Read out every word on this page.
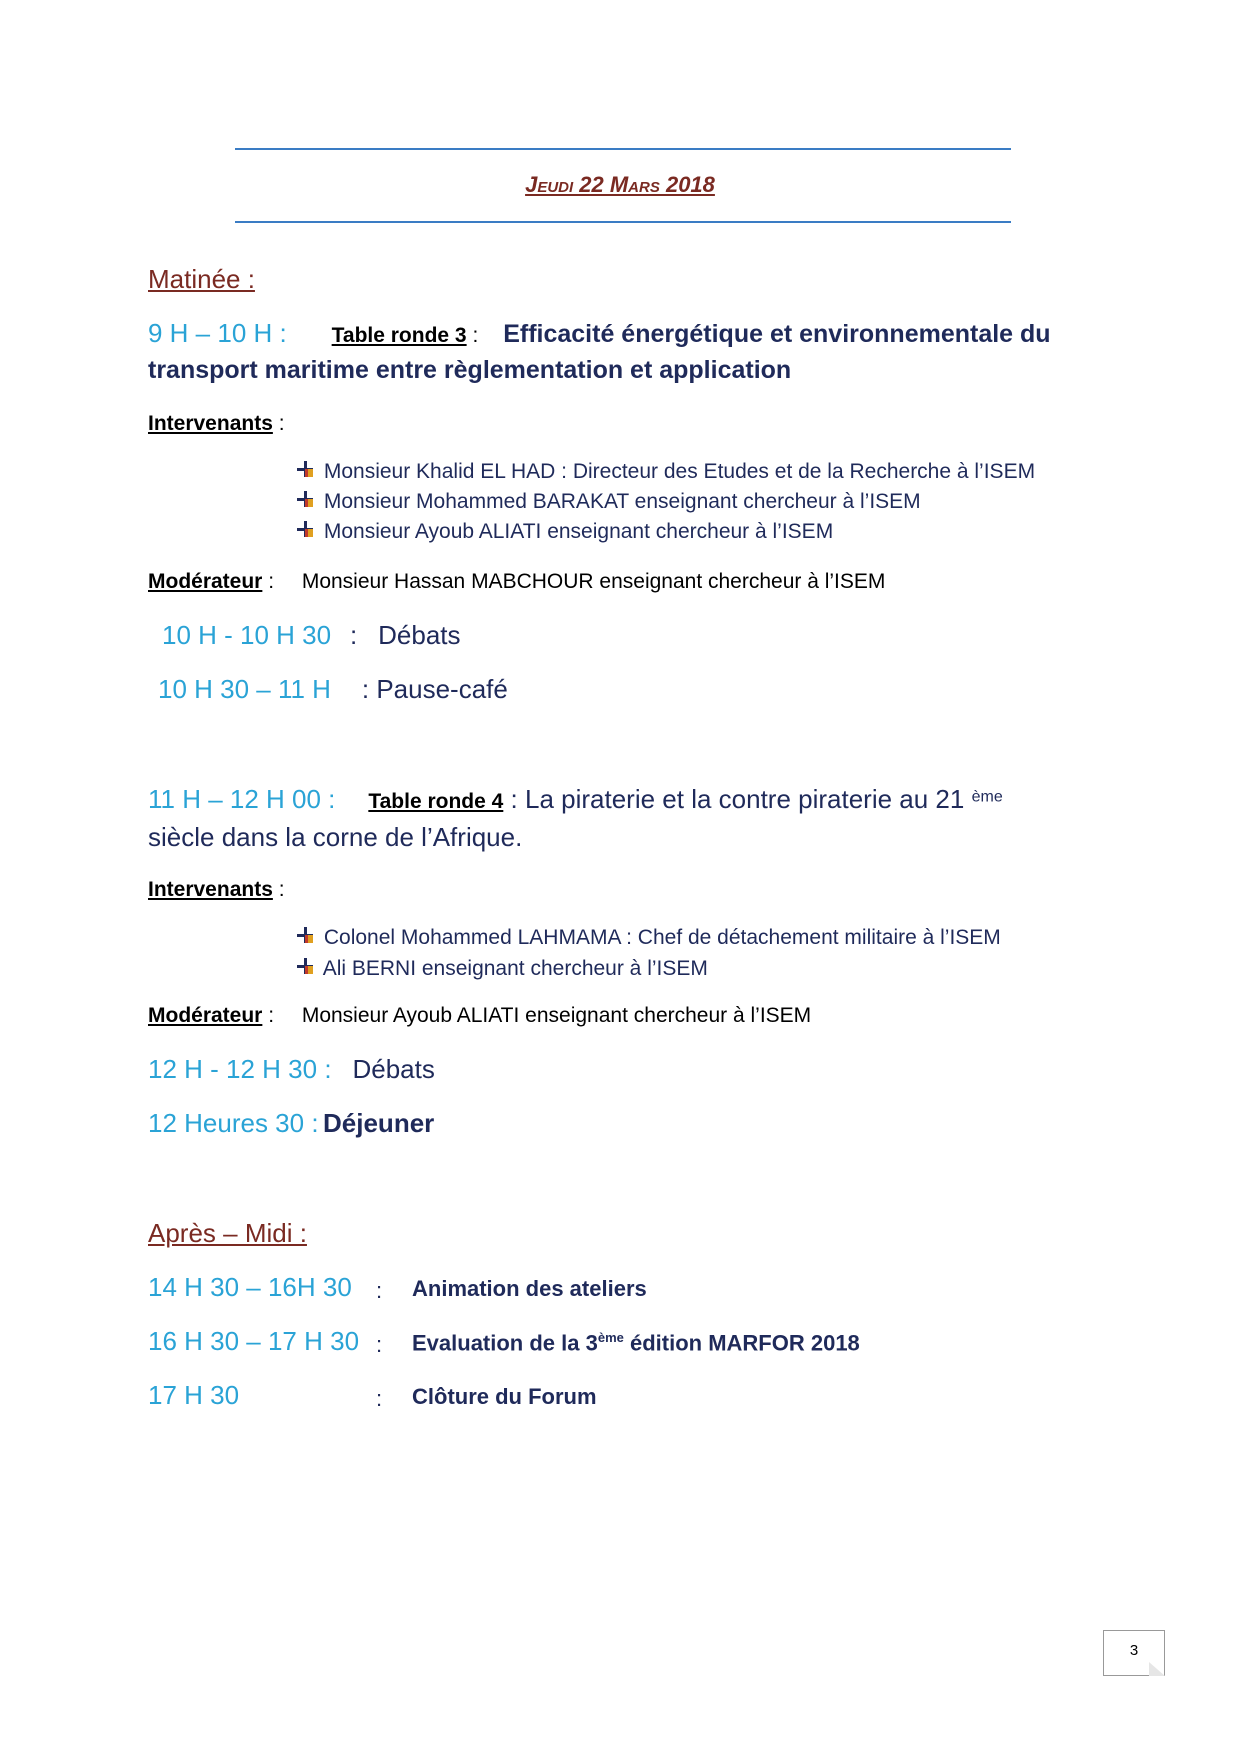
Jeudi 22 Mars 2018
Matinée :
9 H – 10 H : Table ronde 3 : Efficacité énergétique et environnementale du
transport maritime entre règlementation et application
Intervenants :
Monsieur Khalid EL HAD : Directeur des Etudes et de la Recherche à l’ISEM
Monsieur Mohammed BARAKAT enseignant chercheur à l’ISEM
Monsieur Ayoub ALIATI enseignant chercheur à l’ISEM
Modérateur :     Monsieur Hassan MABCHOUR enseignant chercheur à l’ISEM
10 H - 10 H 30 : Débats
10 H 30 – 11 H : Pause-café
11 H – 12 H 00 : Table ronde 4 : La piraterie et la contre piraterie au 21 $^{ème}$
siècle dans la corne de l’Afrique.
Intervenants :
Colonel Mohammed LAHMAMA : Chef de détachement militaire à l’ISEM
Ali BERNI enseignant chercheur à l’ISEM
Modérateur :     Monsieur Ayoub ALIATI enseignant chercheur à l’ISEM
12 H - 12 H 30 : Débats
12 Heures 30 : Déjeuner
Après – Midi :
14 H 30 – 16H 30 : Animation des ateliers
16 H 30 – 17 H 30 : Evaluation de la 3ème édition MARFOR 2018
17 H 30	: Clôture du Forum
3
